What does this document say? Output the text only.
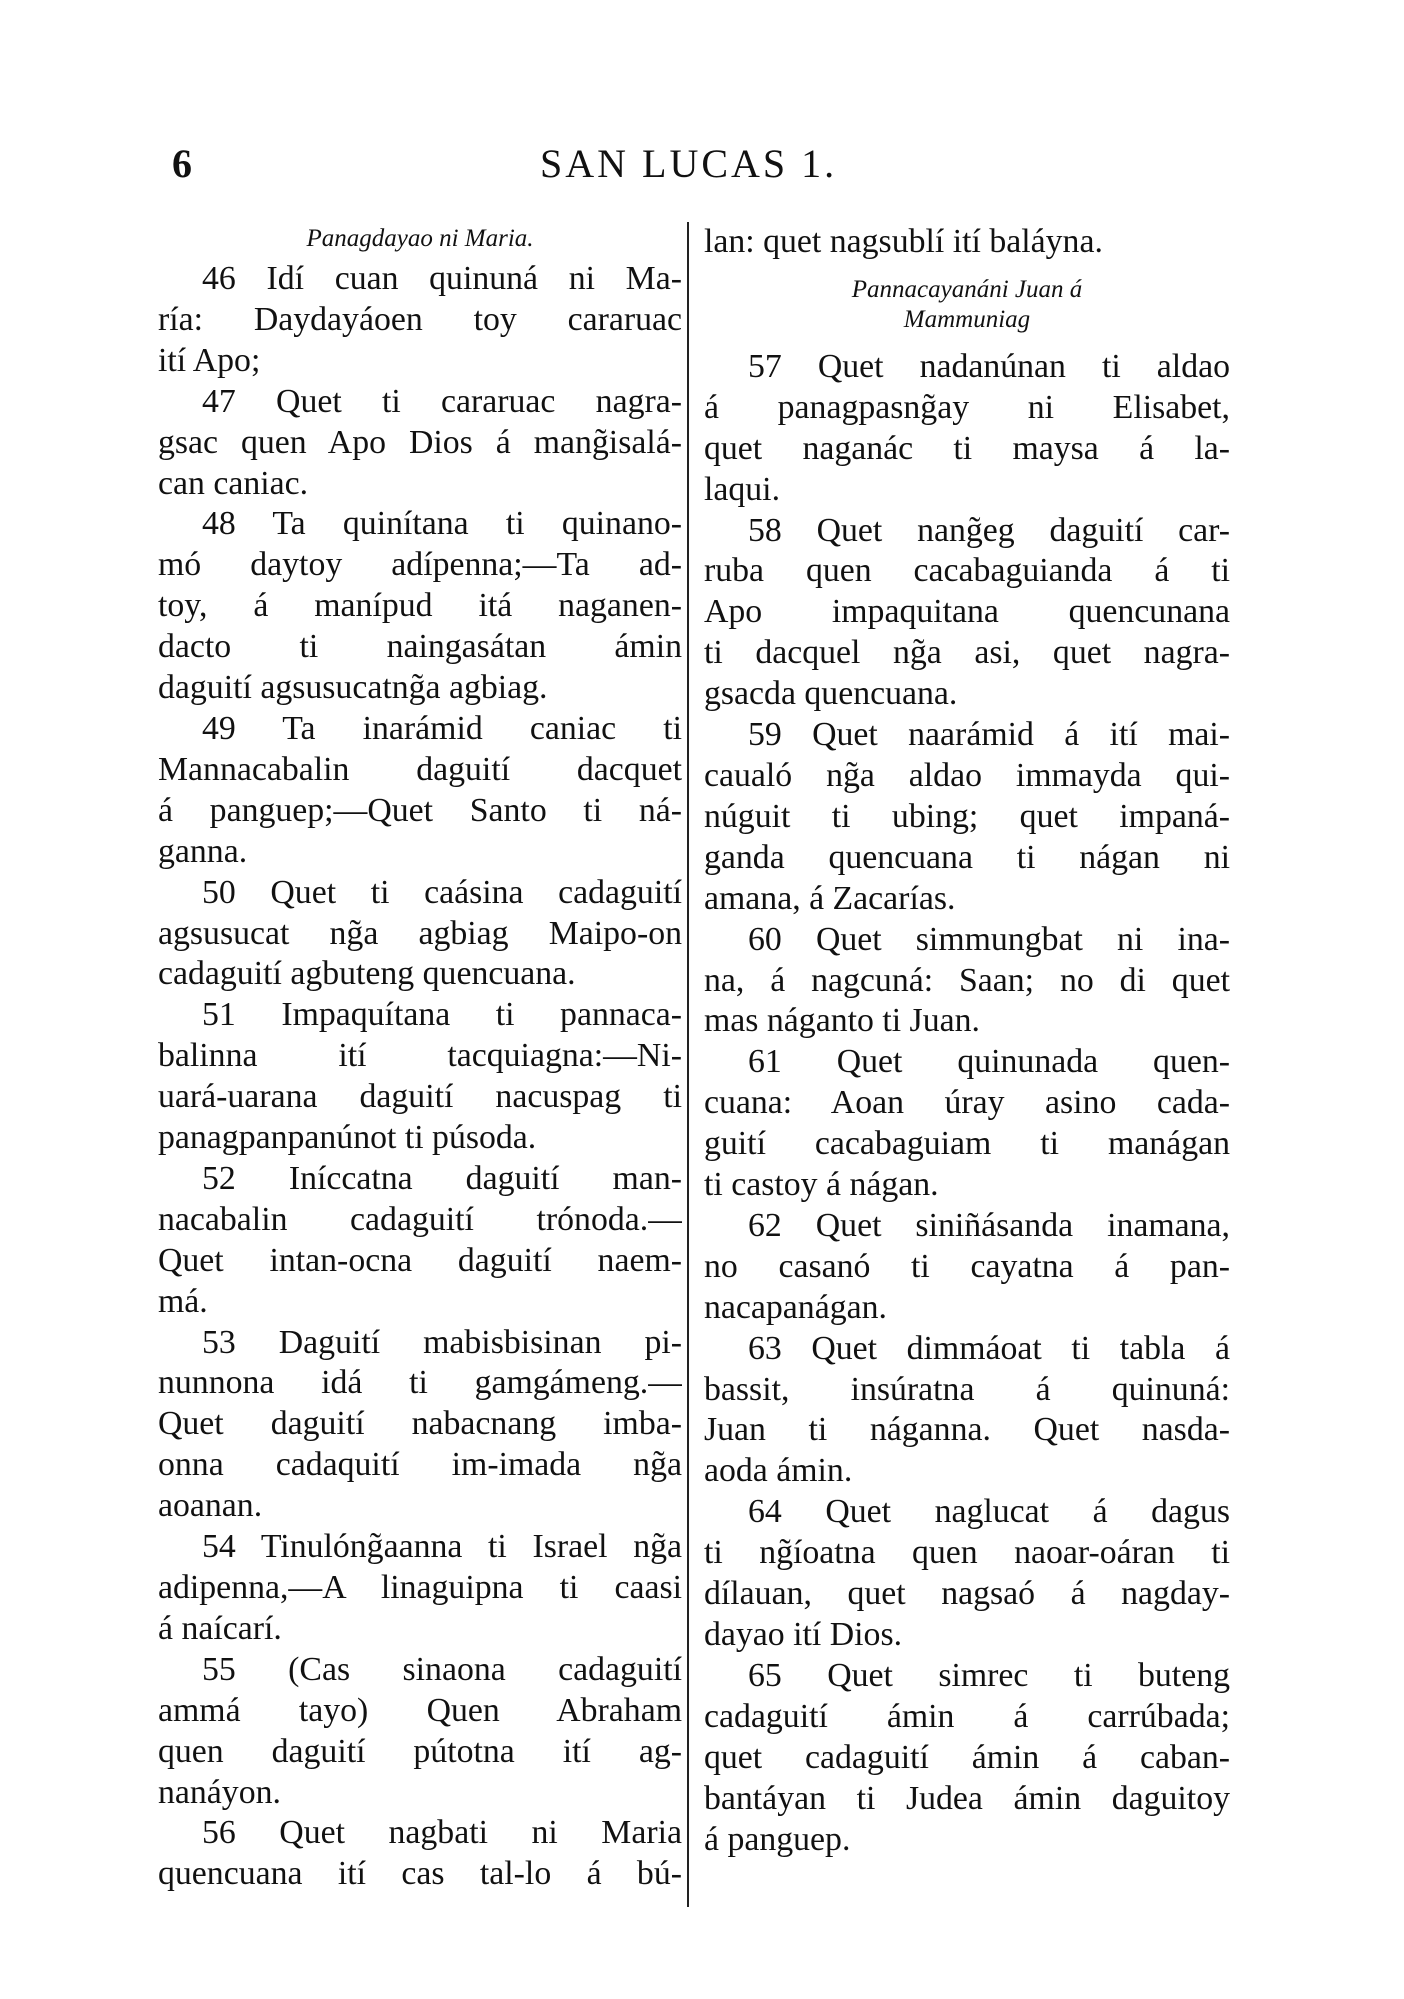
6	SAN LUCAS 1.
Panagdayao ni Maria.
46 Idí cuan quinuná ni Ma-
ría: Daydayáoen toy cararuac
ití Apo;
47 Quet ti cararuac nagra-
gsac quen Apo Dios á mang̃isalá-
can caniac.
48 Ta quinítana ti quinano-
mó daytoy adípenna;—Ta ad-
toy, á manípud itá naganen-
dacto ti naingasátan ámin
daguití agsusucatng̃a agbiag.
49 Ta inarámid caniac ti
Mannacabalin daguití dacquet
á panguep;—Quet Santo ti ná-
ganna.
50 Quet ti caásina cadaguití
agsusucat ng̃a agbiag Maipo-on
cadaguití agbuteng quencuana.
51 Impaquítana ti pannaca-
balinna ití tacquiagna:—Ni-
uará-uarana daguití nacuspag ti
panagpanpanúnot ti púsoda.
52 Iníccatna daguití man-
nacabalin cadaguití trónoda.—
Quet intan-ocna daguití naem-
má.
53 Daguití mabisbisinan pi-
nunnona idá ti gamgámeng.—
Quet daguití nabacnang imba-
onna cadaquití im-imada ng̃a
aoanan.
54 Tinulóng̃aanna ti Israel ng̃a
adipenna,—A linaguipna ti caasi
á naícarí.
55 (Cas sinaona cadaguití
ammá tayo) Quen Abraham
quen daguití pútotna ití ag-
nanáyon.
56 Quet nagbati ni Maria
quencuana ití cas tal-lo á bú-
lan: quet nagsublí ití baláyna.
Pannacayanáni Juan á
Mammuniag
57 Quet nadanúnan ti aldao
á panagpasng̃ay ni Elisabet,
quet naganác ti maysa á la-
laqui.
58 Quet nang̃eg daguití car-
ruba quen cacabaguianda á ti
Apo impaquitana quencunana
ti dacquel ng̃a asi, quet nagra-
gsacda quencuana.
59 Quet naarámid á ití mai-
caualó ng̃a aldao immayda qui-
núguit ti ubing; quet impaná-
ganda quencuana ti nágan ni
amana, á Zacarías.
60 Quet simmungbat ni ina-
na, á nagcuná: Saan; no di quet
mas náganto ti Juan.
61 Quet quinunada quen-
cuana: Aoan úray asino cada-
guití cacabaguiam ti manágan
ti castoy á nágan.
62 Quet siniñásanda inamana,
no casanó ti cayatna á pan-
nacapanágan.
63 Quet dimmáoat ti tabla á
bassit, insúratna á quinuná:
Juan ti náganna. Quet nasda-
aoda ámin.
64 Quet naglucat á dagus
ti ng̃íoatna quen naoar-oáran ti
dílauan, quet nagsaó á nagday-
dayao ití Dios.
65 Quet simrec ti buteng
cadaguití ámin á carrúbada;
quet cadaguití ámin á caban-
bantáyan ti Judea ámin daguitoy
á panguep.
